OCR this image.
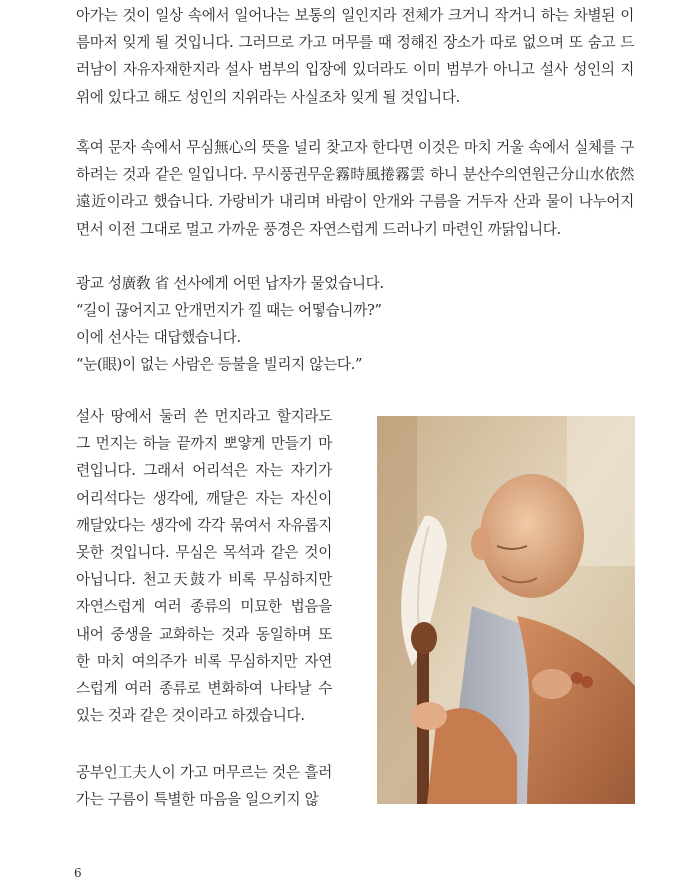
아가는 것이 일상 속에서 일어나는 보통의 일인지라 전체가 크거니 작거니 하는 차별된 이름마저 잊게 될 것입니다. 그러므로 가고 머무를 때 정해진 장소가 따로 없으며 또 숨고 드러남이 자유자재한지라 설사 범부의 입장에 있더라도 이미 범부가 아니고 설사 성인의 지위에 있다고 해도 성인의 지위라는 사실조차 잊게 될 것입니다.

혹여 문자 속에서 무심無心의 뜻을 널리 찾고자 한다면 이것은 마치 거울 속에서 실체를 구하려는 것과 같은 일입니다. 무시풍권무운霧時風捲霧雲 하니 분산수의연원근分山水依然遠近이라고 했습니다. 가랑비가 내리며 바람이 안개와 구름을 거두자 산과 물이 나누어지면서 이전 그대로 멀고 가까운 풍경은 자연스럽게 드러나기 마련인 까닭입니다.

광교 성廣敎 省 선사에게 어떤 납자가 물었습니다.
“길이 끊어지고 안개먼지가 낄 때는 어떻습니까?”
이에 선사는 대답했습니다.
“눈(眼)이 없는 사람은 등불을 빌리지 않는다.”

설사 땅에서 둘러 쓴 먼지라고 할지라도 그 먼지는 하늘 끝까지 뽀얗게 만들기 마련입니다. 그래서 어리석은 자는 자기가 어리석다는 생각에, 깨달은 자는 자신이 깨달았다는 생각에 각각 묶여서 자유롭지 못한 것입니다. 무심은 목석과 같은 것이 아닙니다. 천고天鼓가 비록 무심하지만 자연스럽게 여러 종류의 미묘한 법음을 내어 중생을 교화하는 것과 동일하며 또한 마치 여의주가 비록 무심하지만 자연스럽게 여러 종류로 변화하여 나타날 수 있는 것과 같은 것이라고 하겠습니다.

공부인工夫人이 가고 머무르는 것은 흘러가는 구름이 특별한 마음을 일으키지 않

6
